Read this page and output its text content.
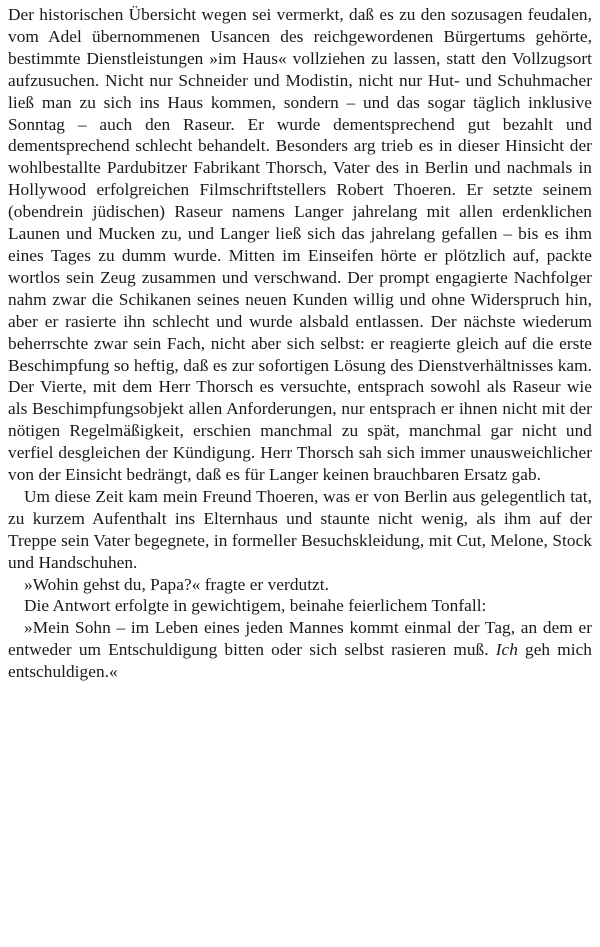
Der historischen Übersicht wegen sei vermerkt, daß es zu den sozusagen feudalen, vom Adel übernommenen Usancen des reichgewordenen Bürgertums gehörte, bestimmte Dienstleistungen »im Haus« vollziehen zu lassen, statt den Vollzugsort aufzusuchen. Nicht nur Schneider und Modistin, nicht nur Hut- und Schuhmacher ließ man zu sich ins Haus kommen, sondern – und das sogar täglich inklusive Sonntag – auch den Raseur. Er wurde dementsprechend gut bezahlt und dementsprechend schlecht behandelt. Besonders arg trieb es in dieser Hinsicht der wohlbestallte Pardubitzer Fabrikant Thorsch, Vater des in Berlin und nachmals in Hollywood erfolgreichen Filmschriftstellers Robert Thoeren. Er setzte seinem (obendrein jüdischen) Raseur namens Langer jahrelang mit allen erdenklichen Launen und Mucken zu, und Langer ließ sich das jahrelang gefallen – bis es ihm eines Tages zu dumm wurde. Mitten im Einseifen hörte er plötzlich auf, packte wortlos sein Zeug zusammen und verschwand. Der prompt engagierte Nachfolger nahm zwar die Schikanen seines neuen Kunden willig und ohne Widerspruch hin, aber er rasierte ihn schlecht und wurde alsbald entlassen. Der nächste wiederum beherrschte zwar sein Fach, nicht aber sich selbst: er reagierte gleich auf die erste Beschimpfung so heftig, daß es zur sofortigen Lösung des Dienstverhältnisses kam. Der Vierte, mit dem Herr Thorsch es versuchte, entsprach sowohl als Raseur wie als Beschimpfungsobjekt allen Anforderungen, nur entsprach er ihnen nicht mit der nötigen Regelmäßigkeit, erschien manchmal zu spät, manchmal gar nicht und verfiel desgleichen der Kündigung. Herr Thorsch sah sich immer unausweichlicher von der Einsicht bedrängt, daß es für Langer keinen brauchbaren Ersatz gab.

Um diese Zeit kam mein Freund Thoeren, was er von Berlin aus gelegentlich tat, zu kurzem Aufenthalt ins Elternhaus und staunte nicht wenig, als ihm auf der Treppe sein Vater begegnete, in formeller Besuchskleidung, mit Cut, Melone, Stock und Handschuhen.

»Wohin gehst du, Papa?« fragte er verdutzt.

Die Antwort erfolgte in gewichtigem, beinahe feierlichem Tonfall:

»Mein Sohn – im Leben eines jeden Mannes kommt einmal der Tag, an dem er entweder um Entschuldigung bitten oder sich selbst rasieren muß. Ich geh mich entschuldigen.«
